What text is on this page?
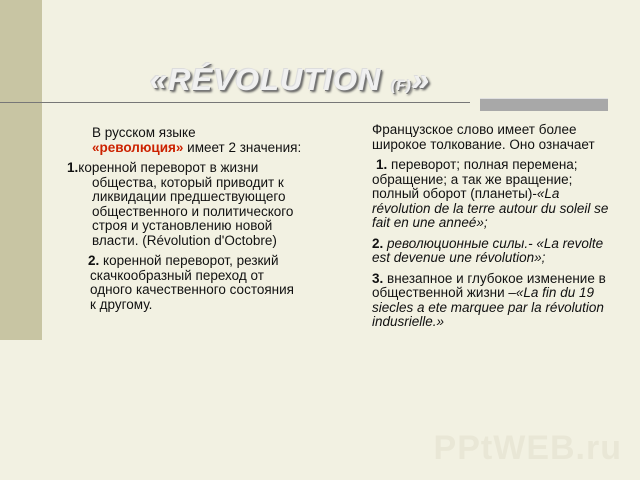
«RÉVOLUTION (F)»

В русском языке
«революция» имеет 2 значения:

1.коренной переворот в жизни общества, который приводит к ликвидации предшествующего общественного и политического строя и установлению новой власти. (Révolution d'Octobre)

2. коренной переворот, резкий скачкообразный переход от одного качественного состояния к другому.

Французское слово имеет более широкое толкование. Оно означает

1. переворот; полная перемена; обращение; а так же вращение; полный оборот (планеты)-«La révolution de la terre autour du soleil se fait en une anneé»;

2. революционные силы.- «La revolte est devenue une révolution»;

3. внезапное и глубокое изменение в общественной жизни –«La fin du 19 siecles a ete marquee par la révolution indusrielle.»

PPtWEB.ru
